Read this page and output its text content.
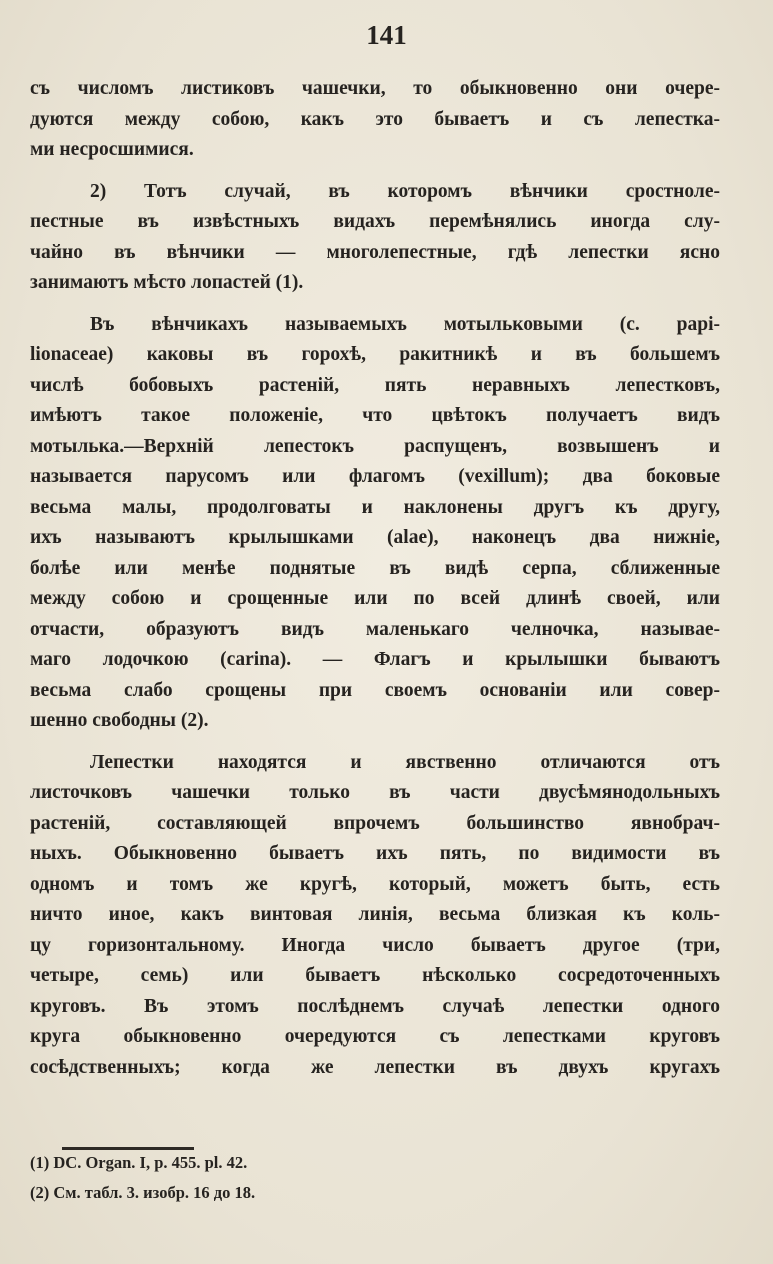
141
съ числомъ листиковъ чашечки, то обыкновенно они очере-
дуются между собою, какъ это бываетъ и съ лепестка-
ми несросшимися.
2) Тотъ случай, въ которомъ вѣнчики сростноле-
пестные въ извѣстныхъ видахъ перемѣнялись иногда слу-
чайно въ вѣнчики — многолепестные, гдѣ лепестки ясно
занимаютъ мѣсто лопастей (1).
Въ вѣнчикахъ называемыхъ мотыльковыми (c. papi-
lionaceae) каковы въ горохѣ, ракитникѣ и въ большемъ
числѣ бобовыхъ растеній, пять неравныхъ лепестковъ,
имѣютъ такое положеніе, что цвѣтокъ получаетъ видъ
мотылька.—Верхній лепестокъ распущенъ, возвышенъ и
называется парусомъ или флагомъ (vexillum); два боковые
весьма малы, продолговаты и наклонены другъ къ другу,
ихъ называютъ крылышками (alae), наконецъ два нижніе,
болѣе или менѣе поднятые въ видѣ серпа, сближенные
между собою и срощенные или по всей длинѣ своей, или
отчасти, образуютъ видъ маленькаго челночка, называе-
маго лодочкою (carina). — Флагъ и крылышки бываютъ
весьма слабо срощены при своемъ основаніи или совер-
шенно свободны (2).
Лепестки находятся и явственно отличаются отъ
листочковъ чашечки только въ части двусѣмянодольныхъ
растеній, составляющей впрочемъ большинство явнобрач-
ныхъ. Обыкновенно бываетъ ихъ пять, по видимости въ
одномъ и томъ же кругѣ, который, можетъ быть, есть
ничто иное, какъ винтовая линія, весьма близкая къ коль-
цу горизонтальному. Иногда число бываетъ другое (три,
четыре, семь) или бываетъ нѣсколько сосредоточенныхъ
круговъ. Въ этомъ послѣднемъ случаѣ лепестки одного
круга обыкновенно очередуются съ лепестками круговъ
сосѣдственныхъ; когда же лепестки въ двухъ кругахъ
(1) DC. Organ. I, p. 455. pl. 42.
(2) См. табл. 3. изобр. 16 до 18.
